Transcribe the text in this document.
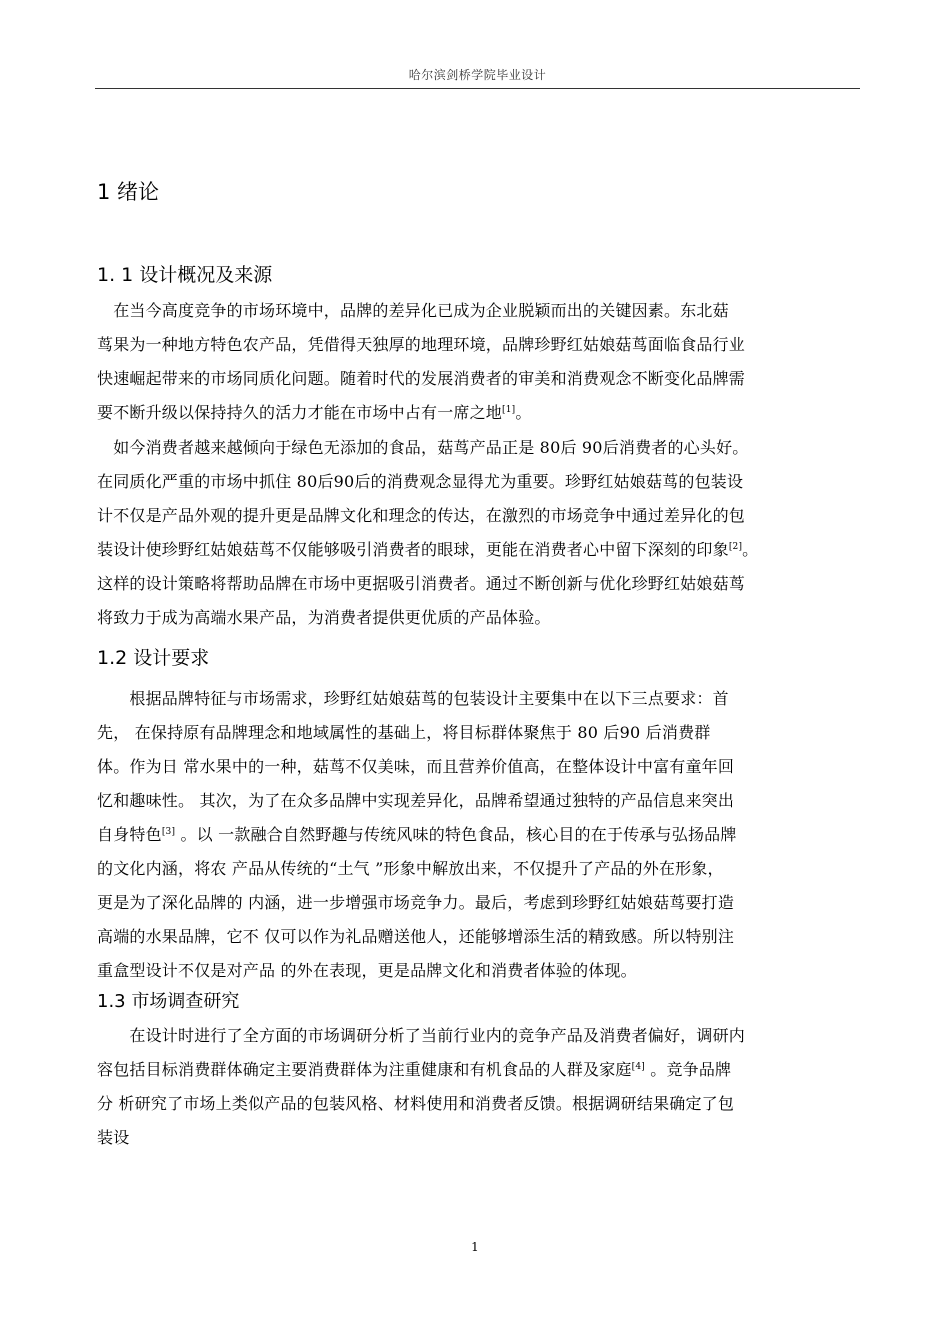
哈尔滨剑桥学院毕业设计
1 绪论
1. 1 设计概况及来源
　在当今高度竞争的市场环境中，品牌的差异化已成为企业脱颖而出的关键因素。东北菇
茑果为一种地方特色农产品，凭借得天独厚的地理环境，品牌珍野红姑娘菇茑面临食品行业
快速崛起带来的市场同质化问题。随着时代的发展消费者的审美和消费观念不断变化品牌需
要不断升级以保持持久的活力才能在市场中占有一席之地[1]。
　如今消费者越来越倾向于绿色无添加的食品，菇茑产品正是 80后 90后消费者的心头好。
在同质化严重的市场中抓住 80后90后的消费观念显得尤为重要。珍野红姑娘菇茑的包装设
计不仅是产品外观的提升更是品牌文化和理念的传达，在激烈的市场竞争中通过差异化的包
装设计使珍野红姑娘菇茑不仅能够吸引消费者的眼球，更能在消费者心中留下深刻的印象[2]。
这样的设计策略将帮助品牌在市场中更据吸引消费者。通过不断创新与优化珍野红姑娘菇茑
将致力于成为高端水果产品，为消费者提供更优质的产品体验。
1.2 设计要求
　　根据品牌特征与市场需求，珍野红姑娘菇茑的包装设计主要集中在以下三点要求：首
先， 在保持原有品牌理念和地域属性的基础上，将目标群体聚焦于 80 后90 后消费群
体。作为日 常水果中的一种，菇茑不仅美味，而且营养价值高，在整体设计中富有童年回
忆和趣味性。 其次，为了在众多品牌中实现差异化，品牌希望通过独特的产品信息来突出
自身特色[3] 。以 一款融合自然野趣与传统风味的特色食品，核心目的在于传承与弘扬品牌
的文化内涵，将农 产品从传统的“土气 ”形象中解放出来，不仅提升了产品的外在形象，
更是为了深化品牌的 内涵，进一步增强市场竞争力。最后，考虑到珍野红姑娘菇茑要打造
高端的水果品牌，它不 仅可以作为礼品赠送他人，还能够增添生活的精致感。所以特别注
重盒型设计不仅是对产品 的外在表现，更是品牌文化和消费者体验的体现。
1.3 市场调查研究
　　在设计时进行了全方面的市场调研分析了当前行业内的竞争产品及消费者偏好，调研内
容包括目标消费群体确定主要消费群体为注重健康和有机食品的人群及家庭[4] 。竞争品牌
分 析研究了市场上类似产品的包装风格、材料使用和消费者反馈。根据调研结果确定了包
装设
1
